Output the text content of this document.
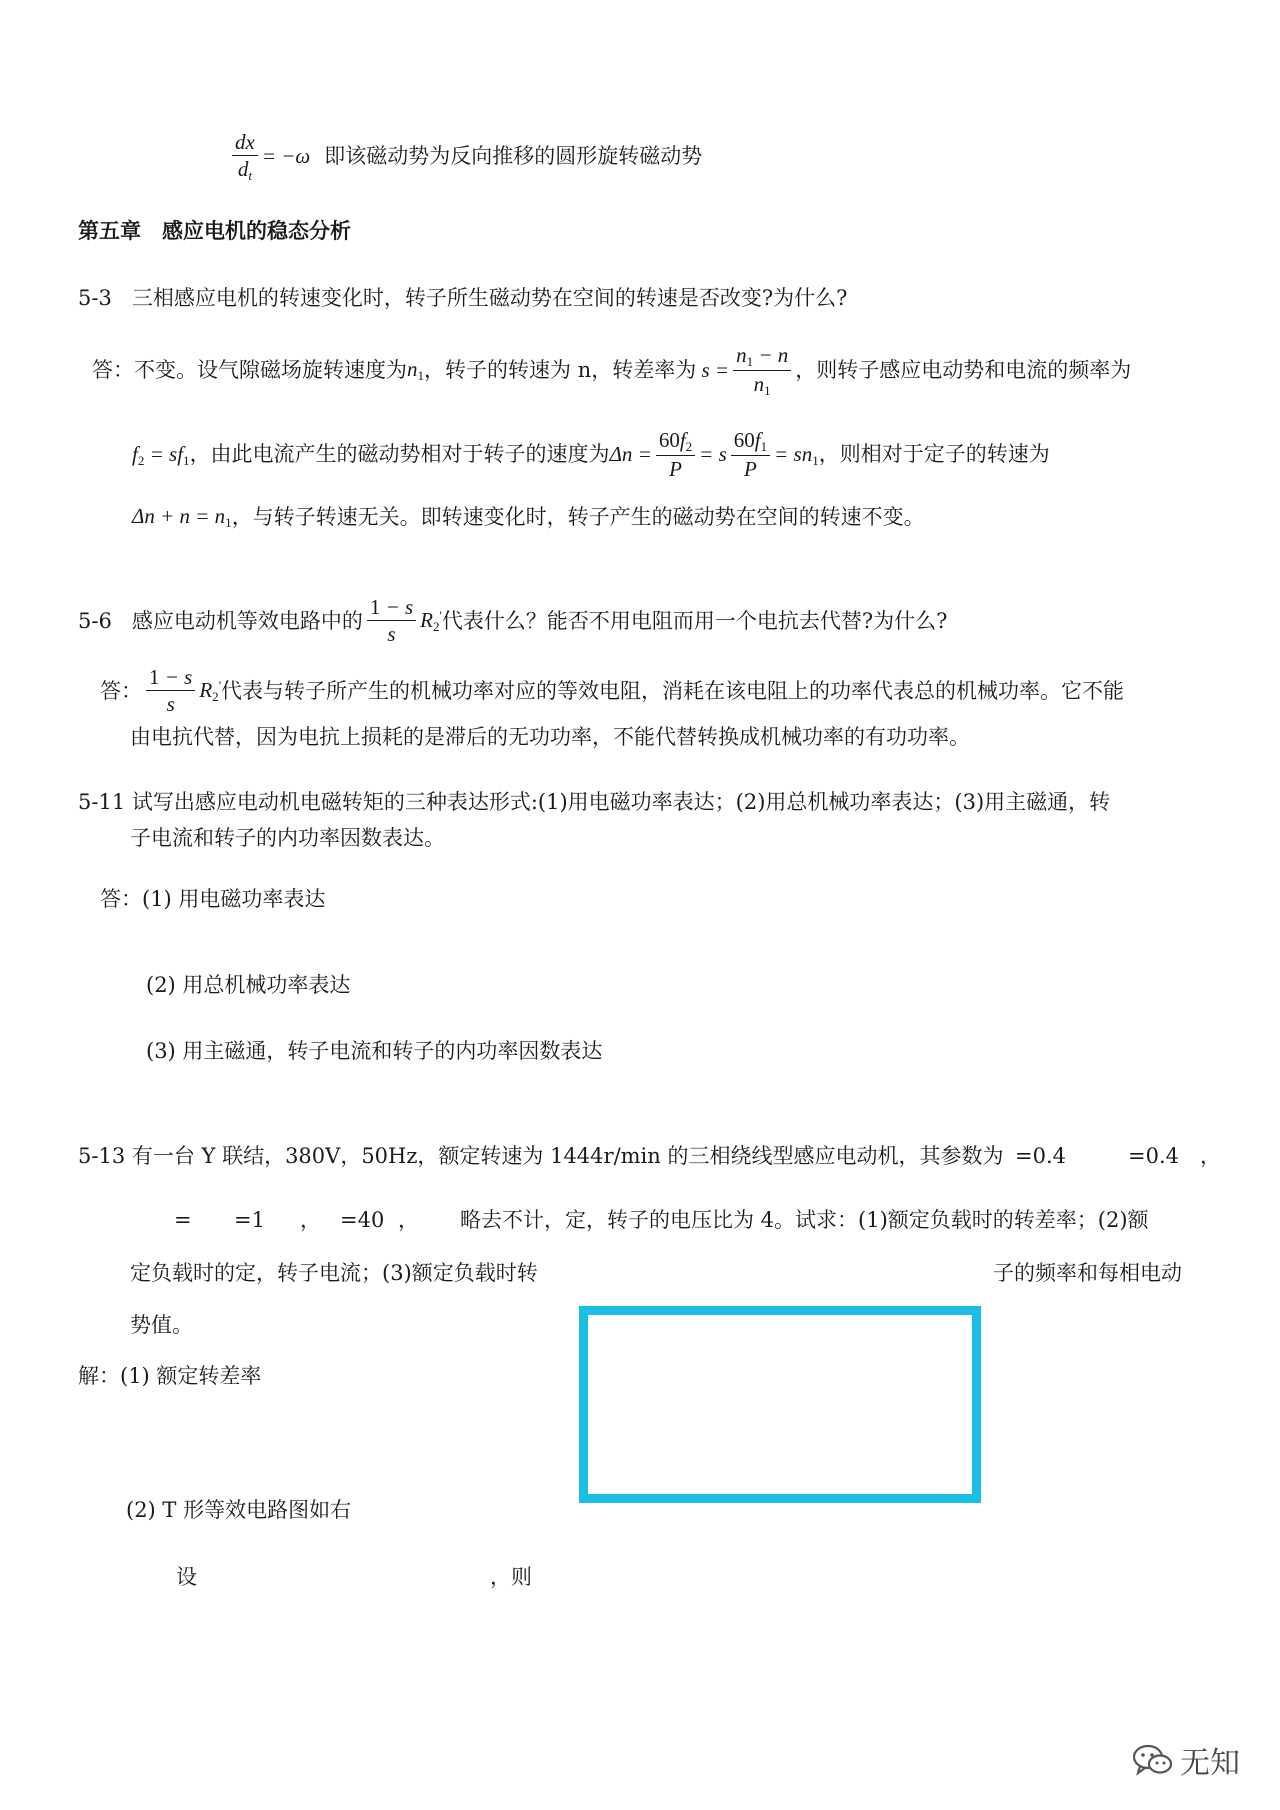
$\frac{dx}{d_t} = -\omega$ 即该磁动势为反向推移的圆形旋转磁动势
第五章　感应电机的稳态分析
5-3 三相感应电机的转速变化时，转子所生磁动势在空间的转速是否改变?为什么?
答：不变。设气隙磁场旋转速度为 $n_1$ ，转子的转速为 n，转差率为 $s = \frac{n_1 - n}{n_1}$ ，则转子感应电动势和电流的频率为
$f_2 = sf_1$ ，由此电流产生的磁动势相对于转子的速度为 $\Delta n = \frac{60f_2}{P} = s \frac{60f_1}{P} = sn_1$ ，则相对于定子的转速为
$\Delta n + n = n_1$ ，与转子转速无关。即转速变化时，转子产生的磁动势在空间的转速不变。
5-6 感应电动机等效电路中的 $\frac{1 - s}{s} R_2'$ 代表什么？能否不用电阻而用一个电抗去代替?为什么?
答： $\frac{1 - s}{s} R_2'$ 代表与转子所产生的机械功率对应的等效电阻，消耗在该电阻上的功率代表总的机械功率。它不能
由电抗代替，因为电抗上损耗的是滞后的无功功率，不能代替转换成机械功率的有功功率。
5-11 试写出感应电动机电磁转矩的三种表达形式:(1)用电磁功率表达；(2)用总机械功率表达；(3)用主磁通，转
子电流和转子的内功率因数表达。
答：(1) 用电磁功率表达
(2) 用总机械功率表达
(3) 用主磁通，转子电流和转子的内功率因数表达
5-13 有一台 Y 联结，380V，50Hz，额定转速为 1444r/min 的三相绕线型感应电动机，其参数为 =0.4	=0.4 ，
= =1 ， =40 ， 略去不计，定，转子的电压比为 4。试求：(1)额定负载时的转差率；(2)额
定负载时的定，转子电流；(3)额定负载时转	子的频率和每相电动
势值。
解：(1) 额定转差率
(2) T 形等效电路图如右
设	，则
无知
